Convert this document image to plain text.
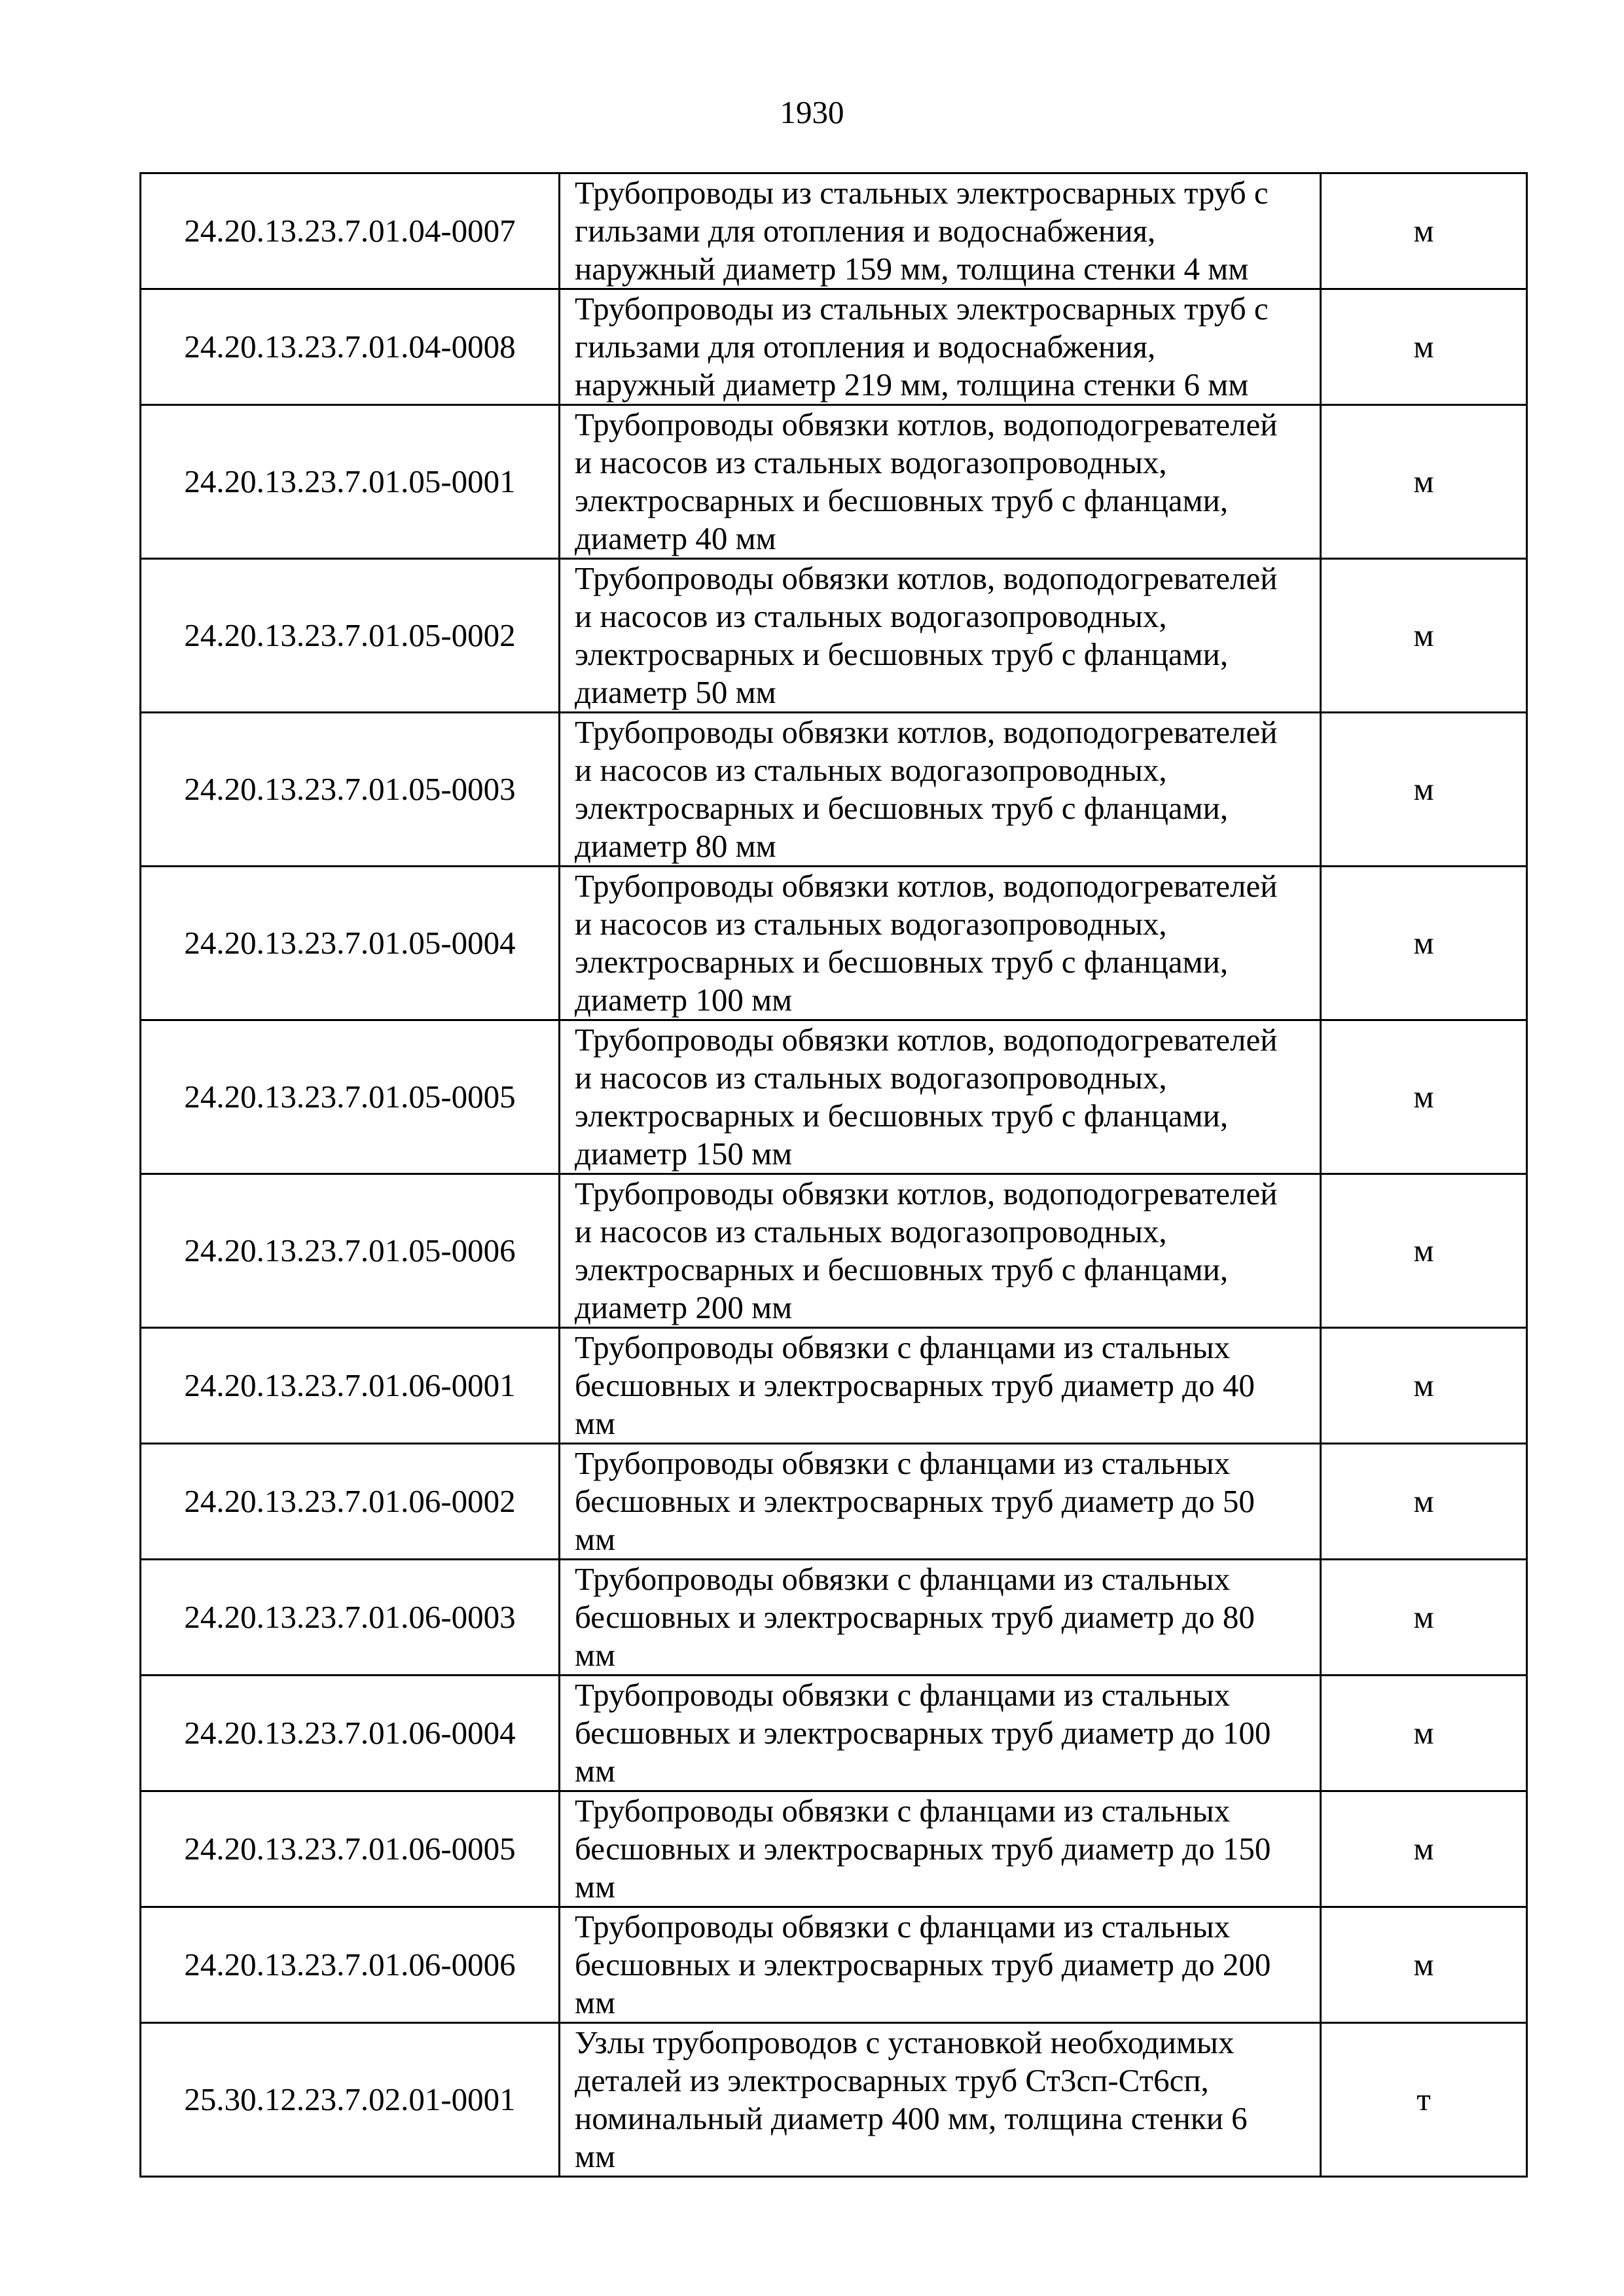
1930
24.20.13.23.7.01.04-0007	Трубопроводы из стальных электросварных труб с
гильзами для отопления и водоснабжения,
наружный диаметр 159 мм, толщина стенки 4 мм	м
24.20.13.23.7.01.04-0008	Трубопроводы из стальных электросварных труб с
гильзами для отопления и водоснабжения,
наружный диаметр 219 мм, толщина стенки 6 мм	м
24.20.13.23.7.01.05-0001	Трубопроводы обвязки котлов, водоподогревателей
и насосов из стальных водогазопроводных,
электросварных и бесшовных труб с фланцами,
диаметр 40 мм	м
24.20.13.23.7.01.05-0002	Трубопроводы обвязки котлов, водоподогревателей
и насосов из стальных водогазопроводных,
электросварных и бесшовных труб с фланцами,
диаметр 50 мм	м
24.20.13.23.7.01.05-0003	Трубопроводы обвязки котлов, водоподогревателей
и насосов из стальных водогазопроводных,
электросварных и бесшовных труб с фланцами,
диаметр 80 мм	м
24.20.13.23.7.01.05-0004	Трубопроводы обвязки котлов, водоподогревателей
и насосов из стальных водогазопроводных,
электросварных и бесшовных труб с фланцами,
диаметр 100 мм	м
24.20.13.23.7.01.05-0005	Трубопроводы обвязки котлов, водоподогревателей
и насосов из стальных водогазопроводных,
электросварных и бесшовных труб с фланцами,
диаметр 150 мм	м
24.20.13.23.7.01.05-0006	Трубопроводы обвязки котлов, водоподогревателей
и насосов из стальных водогазопроводных,
электросварных и бесшовных труб с фланцами,
диаметр 200 мм	м
24.20.13.23.7.01.06-0001	Трубопроводы обвязки с фланцами из стальных
бесшовных и электросварных труб диаметр до 40
мм	м
24.20.13.23.7.01.06-0002	Трубопроводы обвязки с фланцами из стальных
бесшовных и электросварных труб диаметр до 50
мм	м
24.20.13.23.7.01.06-0003	Трубопроводы обвязки с фланцами из стальных
бесшовных и электросварных труб диаметр до 80
мм	м
24.20.13.23.7.01.06-0004	Трубопроводы обвязки с фланцами из стальных
бесшовных и электросварных труб диаметр до 100
мм	м
24.20.13.23.7.01.06-0005	Трубопроводы обвязки с фланцами из стальных
бесшовных и электросварных труб диаметр до 150
мм	м
24.20.13.23.7.01.06-0006	Трубопроводы обвязки с фланцами из стальных
бесшовных и электросварных труб диаметр до 200
мм	м
25.30.12.23.7.02.01-0001	Узлы трубопроводов с установкой необходимых
деталей из электросварных труб Ст3сп-Ст6сп,
номинальный диаметр 400 мм, толщина стенки 6
мм	т
